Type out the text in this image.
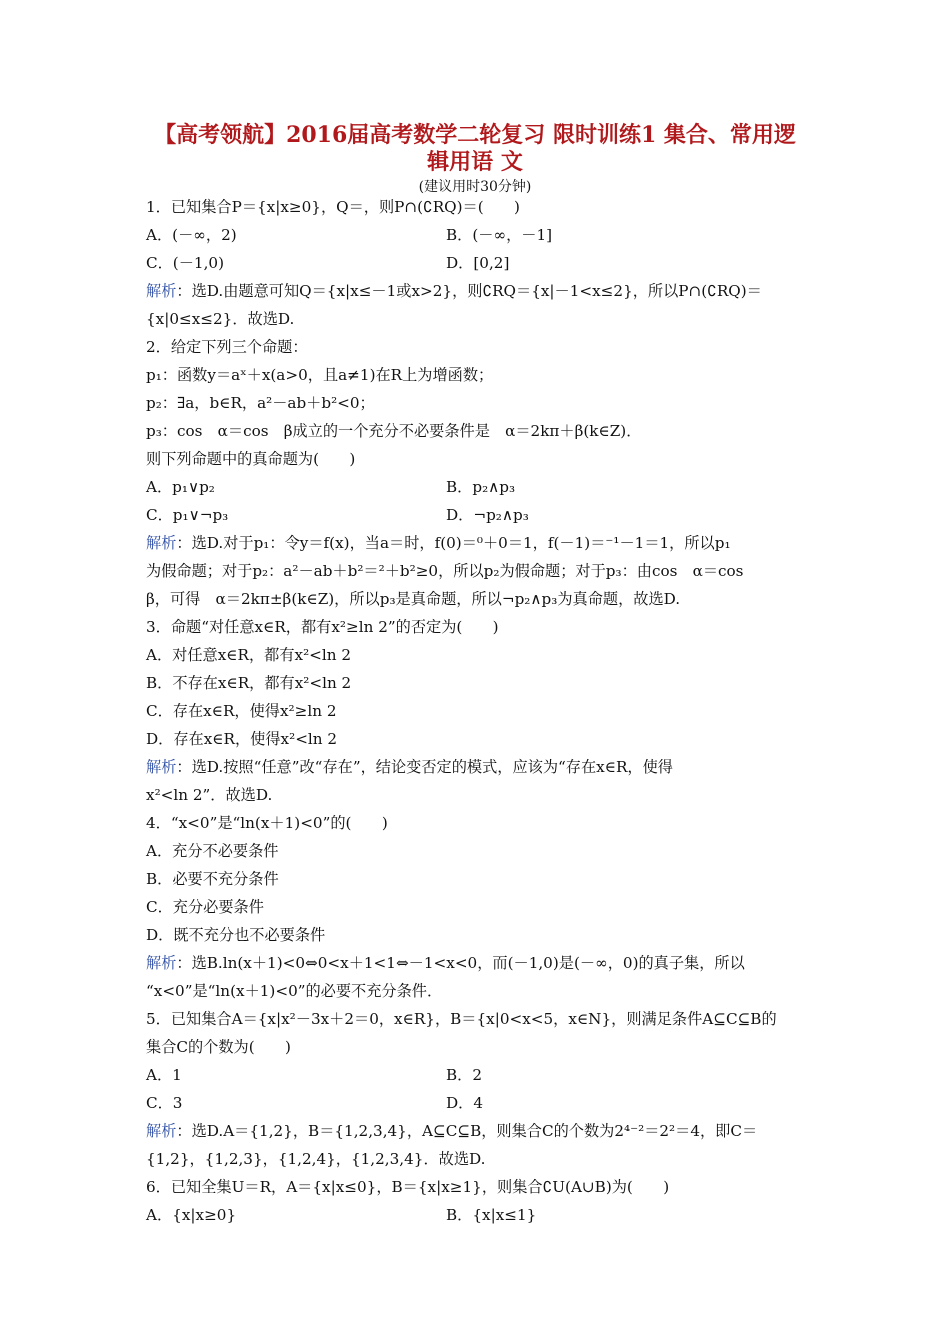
【高考领航】2016届高考数学二轮复习 限时训练1 集合、常用逻
辑用语 文
(建议用时30分钟)
1．已知集合P＝{x|x≥0}，Q＝，则P∩(∁RQ)＝(　　)
A．(－∞，2)	B．(－∞，－1]
C．(－1,0)	D．[0,2]
解析：选D.由题意可知Q＝{x|x≤－1或x>2}，则∁RQ＝{x|－1<x≤2}，所以P∩(∁RQ)＝
{x|0≤x≤2}．故选D.
2．给定下列三个命题：
p₁：函数y＝aˣ＋x(a>0，且a≠1)在R上为增函数；
p₂：∃a，b∈R，a²－ab＋b²<0；
p₃：cos　α＝cos　β成立的一个充分不必要条件是　α＝2kπ＋β(k∈Z)．
则下列命题中的真命题为(　　)
A．p₁∨p₂	B．p₂∧p₃
C．p₁∨¬p₃	D．¬p₂∧p₃
解析：选D.对于p₁：令y＝f(x)，当a＝时，f(0)＝⁰＋0＝1，f(－1)＝⁻¹－1＝1，所以p₁
为假命题；对于p₂：a²－ab＋b²＝²＋b²≥0，所以p₂为假命题；对于p₃：由cos　α＝cos
β，可得　α＝2kπ±β(k∈Z)，所以p₃是真命题，所以¬p₂∧p₃为真命题，故选D.
3．命题“对任意x∈R，都有x²≥ln 2”的否定为(　　)
A．对任意x∈R，都有x²<ln 2
B．不存在x∈R，都有x²<ln 2
C．存在x∈R，使得x²≥ln 2
D．存在x∈R，使得x²<ln 2
解析：选D.按照“任意”改“存在”，结论变否定的模式，应该为“存在x∈R，使得
x²<ln 2”．故选D.
4．“x<0”是“ln(x＋1)<0”的(　　)
A．充分不必要条件
B．必要不充分条件
C．充分必要条件
D．既不充分也不必要条件
解析：选B.ln(x＋1)<0⇔0<x＋1<1⇔－1<x<0，而(－1,0)是(－∞，0)的真子集，所以
“x<0”是“ln(x＋1)<0”的必要不充分条件．
5．已知集合A＝{x|x²－3x＋2＝0，x∈R}，B＝{x|0<x<5，x∈N}，则满足条件A⊆C⊆B的
集合C的个数为(　　)
A．1	B．2
C．3	D．4
解析：选D.A＝{1,2}，B＝{1,2,3,4}，A⊆C⊆B，则集合C的个数为2⁴⁻²＝2²＝4，即C＝
{1,2}，{1,2,3}，{1,2,4}，{1,2,3,4}．故选D.
6．已知全集U＝R，A＝{x|x≤0}，B＝{x|x≥1}，则集合∁U(A∪B)为(　　)
A．{x|x≥0}	B．{x|x≤1}
